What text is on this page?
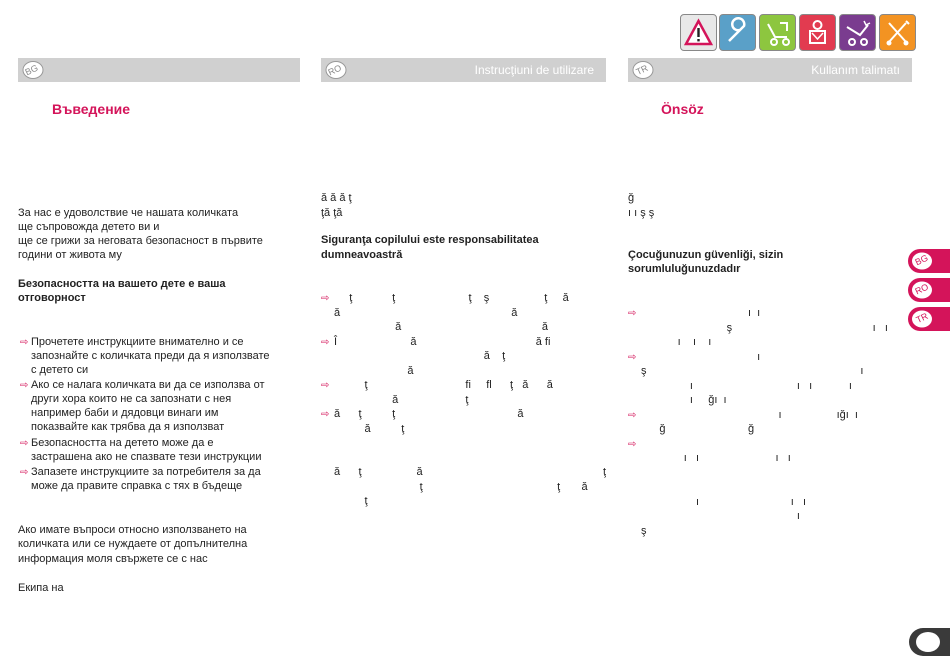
BG	RO	Instrucţiuni de utilizare	TR	Kullanım talimatı
Въведение	Önsöz
За нас е удоволствие че нашата количката
ще съпровожда детето ви и
ще се грижи за неговата безопасност в първите
години от живота му
Безопасността на вашето дете е ваша
отговорност
⇨ Прочетете инструкциите внимателно и се
запознайте с количката преди да я използвате
с детето си
⇨ Ако се налага количката ви да се използва от
други хора които не са запознати с нея
например баби и дядовци винаги им
показвайте как трябва да я използват
⇨ Безопасността на детето може да е
застрашена ако не спазвате тези инструкции
⇨ Запазете инструкциите за потребителя за да
може да правите справка с тях в бъдеще
Ако имате въпроси относно използването на
количката или се нуждаете от допълнителна
информация моля свържете се с нас
Екипа на
ă ă ă ţ
ţă ţă
Siguranţa copilului este responsabilitatea
dumneavoastră
⇨ ţ             ţ                        ţ    ş                  ţ     ă
ă                                                        ă
ă                                              ă
⇨ Î                        ă                                       ă fi
ă    ţ
ă
⇨ ţ                                fi     fl      ţ   ă      ă
ă                      ţ
⇨ ă      ţ          ţ                                        ă
ă          ţ
ă      ţ                  ă                                                           ţ
ţ                                            ţ       ă
ţ
ğ
ı ı ş ş
Çocuğunuzun güvenliği, sizin
sorumluluğunuzdadır
⇨ ı  ı
ş                                              ı   ı
ı    ı    ı
⇨ ı
ş                                                                      ı
ı                                  ı   ı            ı
ı     ğı  ı
⇨ ı                  ığı  ı
ğ                           ğ
⇨
ı   ı                         ı   ı
ı                              ı   ı
ı
ş
BG
RO
TR
